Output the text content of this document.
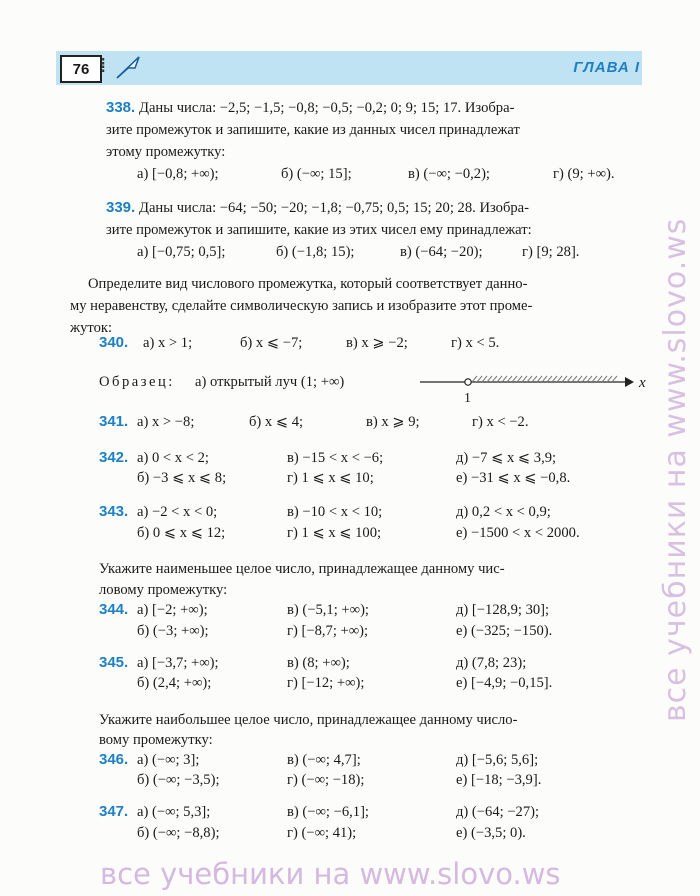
76 ⁞	ГЛАВА I
338. Даны числа: −2,5; −1,5; −0,8; −0,5; −0,2; 0; 9; 15; 17. Изобра-
зите промежуток и запишите, какие из данных чисел принадлежат
этому промежутку:
а) [−0,8; +∞);	б) (−∞; 15];	в) (−∞; −0,2);	г) (9; +∞).
339. Даны числа: −64; −50; −20; −1,8; −0,75; 0,5; 15; 20; 28. Изобра-
зите промежуток и запишите, какие из этих чисел ему принадлежат:
а) [−0,75; 0,5];	б) (−1,8; 15);	в) (−64; −20);	г) [9; 28].
Определите вид числового промежутка, который соответствует данно-
му неравенству, сделайте символическую запись и изобразите этот проме-
жуток:
340. а) x > 1;	б) x ⩽ −7;	в) x ⩾ −2;	г) x < 5.
Образец: а) открытый луч (1; +∞)
1
x
341. а) x > −8;	б) x ⩽ 4;	в) x ⩾ 9;	г) x < −2.
342. а) 0 < x < 2;	в) −15 < x < −6;	д) −7 ⩽ x ⩽ 3,9;
б) −3 ⩽ x ⩽ 8;	г) 1 ⩽ x ⩽ 10;	е) −31 ⩽ x ⩽ −0,8.
343. а) −2 < x < 0;	в) −10 < x < 10;	д) 0,2 < x < 0,9;
б) 0 ⩽ x ⩽ 12;	г) 1 ⩽ x ⩽ 100;	е) −1500 < x < 2000.
Укажите наименьшее целое число, принадлежащее данному чис-
ловому промежутку:
344. а) [−2; +∞);	в) (−5,1; +∞);	д) [−128,9; 30];
б) (−3; +∞);	г) [−8,7; +∞);	е) (−325; −150).
345. а) [−3,7; +∞);	в) (8; +∞);	д) (7,8; 23);
б) (2,4; +∞);	г) [−12; +∞);	е) [−4,9; −0,15].
Укажите наибольшее целое число, принадлежащее данному число-
вому промежутку:
346. а) (−∞; 3];	в) (−∞; 4,7];	д) [−5,6; 5,6];
б) (−∞; −3,5);	г) (−∞; −18);	е) [−18; −3,9].
347. а) (−∞; 5,3];	в) (−∞; −6,1];	д) (−64; −27);
б) (−∞; −8,8);	г) (−∞; 41);	е) (−3,5; 0).
все учебники на www.slovo.ws
все учебники на www.slovo.ws
